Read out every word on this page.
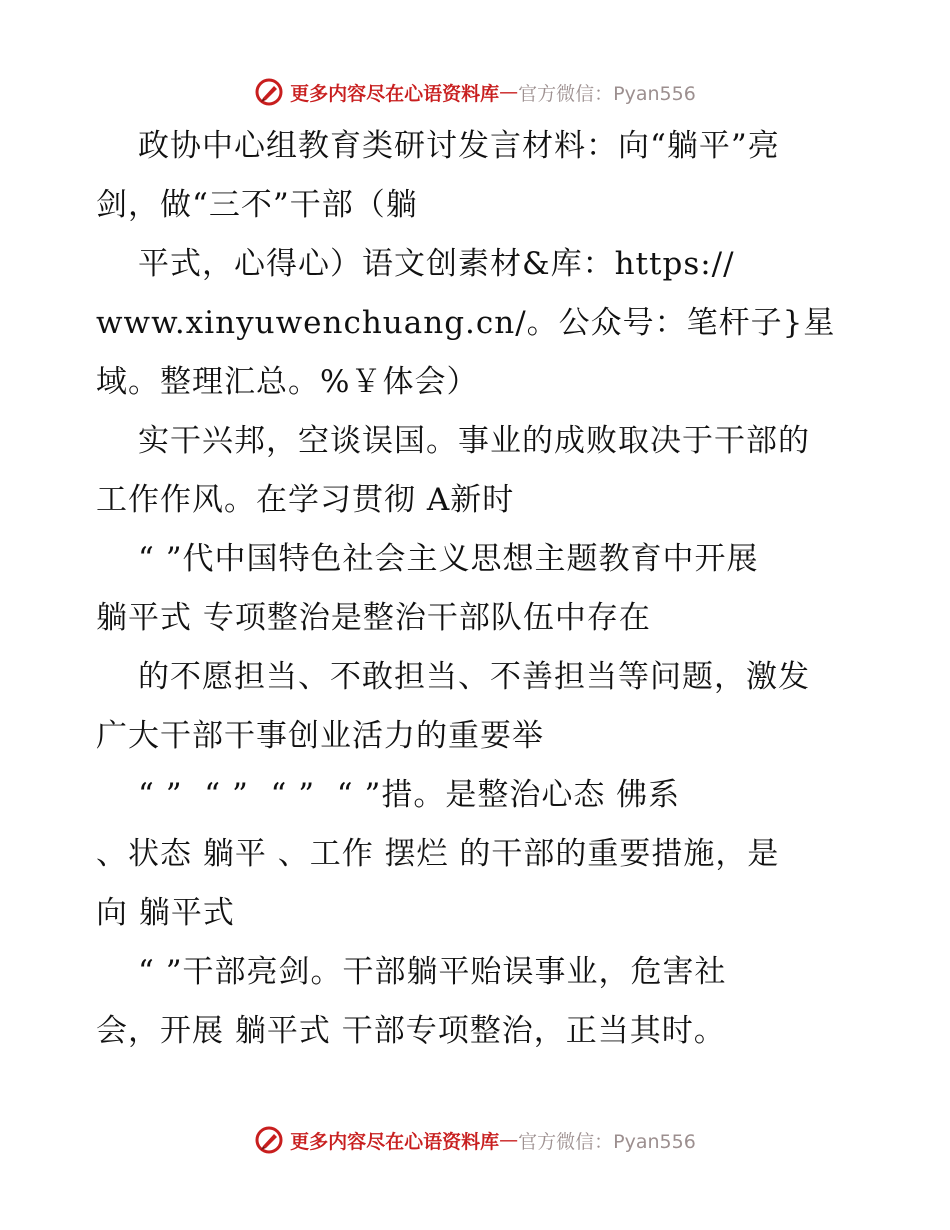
更多内容尽在心语资料库 — 官方微信：Pyan556
政协中心组教育类研讨发言材料：向“躺平”亮
剑，做“三不”干部（躺
平式，心得心）语文创素材&库：https://
www.xinyuwenchuang.cn/。公众号：笔杆子}星
域。整理汇总。%￥体会）
实干兴邦，空谈误国。事业的成败取决于干部的
工作作风。在学习贯彻 A新时
“ ”代中国特色社会主义思想主题教育中开展
躺平式 专项整治是整治干部队伍中存在
的不愿担当、不敢担当、不善担当等问题，激发
广大干部干事创业活力的重要举
“ ”  “ ”  “ ”  “ ”措。是整治心态 佛系
、状态 躺平 、工作 摆烂 的干部的重要措施，是
向 躺平式
“ ”干部亮剑。干部躺平贻误事业，危害社
会，开展 躺平式 干部专项整治，正当其时。
更多内容尽在心语资料库 — 官方微信：Pyan556
